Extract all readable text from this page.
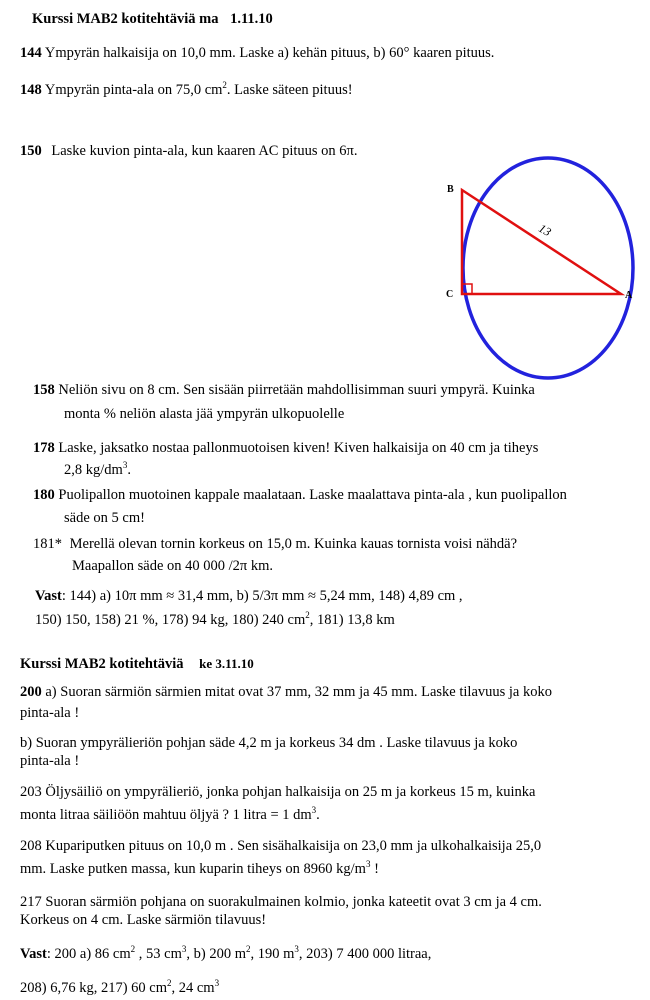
Kurssi MAB2 kotitehtäviä ma 1.11.10
144 Ympyrän halkaisija on 10,0 mm. Laske a) kehän pituus, b) 60° kaaren pituus.
148 Ympyrän pinta-ala on 75,0 $cm^2$. Laske säteen pituus!
150 Laske kuvion pinta-ala, kun kaaren AC pituus on 6π.
B
C	A
13
158 Neliön sivu on 8 cm. Sen sisään piirretään mahdollisimman suuri ympyrä. Kuinka
monta % neliön alasta jää ympyrän ulkopuolelle
178 Laske, jaksatko nostaa pallonmuotoisen kiven! Kiven halkaisija on 40 cm ja tiheys
2,8 $kg/dm^3$.
180 Puolipallon muotoinen kappale maalataan. Laske maalattava pinta-ala , kun puolipallon
säde on 5 cm!
181* Merellä olevan tornin korkeus on 15,0 m. Kuinka kauas tornista voisi nähdä?
Maapallon säde on 40 000 /2π km.
Vast: 144) a) 10π mm ≈ 31,4 mm, b) 5/3π mm ≈ 5,24 mm, 148) 4,89 cm ,
150) 150, 158) 21 %, 178) 94 kg, 180) 240 $cm^2$, 181) 13,8 km
Kurssi MAB2 kotitehtäviä ke 3.11.10
200 a) Suoran särmiön särmien mitat ovat 37 mm, 32 mm ja 45 mm. Laske tilavuus ja koko
pinta-ala !
b) Suoran ympyrälieriön pohjan säde 4,2 m ja korkeus 34 dm . Laske tilavuus ja koko
pinta-ala !
203 Öljysäiliö on ympyrälieriö, jonka pohjan halkaisija on 25 m ja korkeus 15 m, kuinka
monta litraa säiliöön mahtuu öljyä ? 1 litra = 1 $dm^3$.
208 Kupariputken pituus on 10,0 m . Sen sisähalkaisija on 23,0 mm ja ulkohalkaisija 25,0
mm. Laske putken massa, kun kuparin tiheys on 8960 $kg/m^3$ !
217 Suoran särmiön pohjana on suorakulmainen kolmio, jonka kateetit ovat 3 cm ja 4 cm.
Korkeus on 4 cm. Laske särmiön tilavuus!
Vast: 200 a) 86 $cm^2$ , 53 $cm^3$, b) 200 $m^2$, 190 $m^3$, 203) 7 400 000 litraa,
208) 6,76 kg, 217) 60 $cm^2$, 24 $cm^3$
